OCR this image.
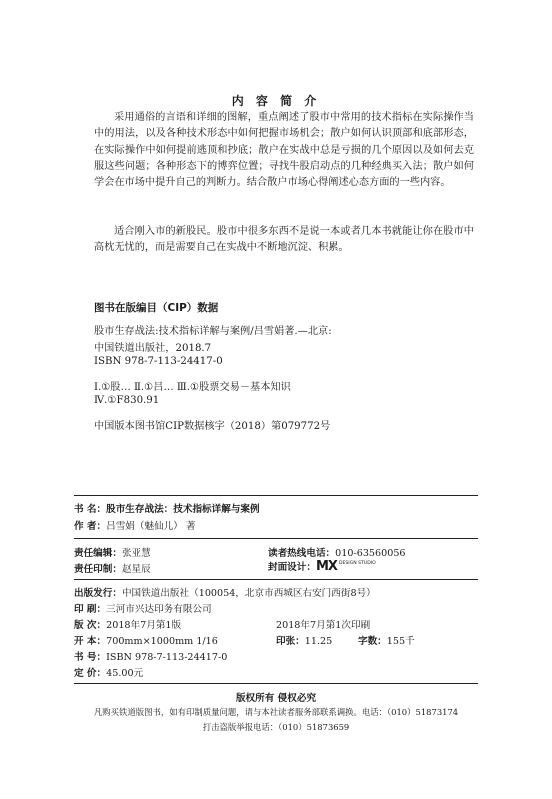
内 容 简 介
采用通俗的言语和详细的图解，重点阐述了股市中常用的技术指标在实际操作当中的用法，以及各种技术形态中如何把握市场机会；散户如何认识顶部和底部形态，在实际操作中如何提前逃顶和抄底；散户在实战中总是亏损的几个原因以及如何去克服这些问题；各种形态下的博弈位置；寻找牛股启动点的几种经典买入法；散户如何学会在市场中提升自己的判断力。结合散户市场心得阐述心态方面的一些内容。
适合刚入市的新股民。股市中很多东西不是说一本或者几本书就能让你在股市中高枕无忧的，而是需要自己在实战中不断地沉淀、积累。
图书在版编目（CIP）数据
股市生存战法:技术指标详解与案例/吕雪娟著.—北京:
中国铁道出版社，2018.7
ISBN 978-7-113-24417-0
Ⅰ.①股… Ⅱ.①吕… Ⅲ.①股票交易－基本知识
Ⅳ.①F830.91
中国版本图书馆CIP数据核字（2018）第079772号
书 名：股市生存战法：技术指标详解与案例
作 者：吕雪娟（魅仙儿） 著
责任编辑：张亚慧	读者热线电话：010-63560056
责任印制：赵星辰	封面设计：MX DESIGN STUDIO
出版发行：中国铁道出版社（100054，北京市西城区右安门西街8号）
印 刷：三河市兴达印务有限公司
版 次：2018年7月第1版	2018年7月第1次印刷
开 本：700mm×1000mm 1/16	印张：11.25	字数：155千
书 号：ISBN 978-7-113-24417-0
定 价：45.00元
版权所有 侵权必究
凡购买铁道版图书，如有印制质量问题，请与本社读者服务部联系调换。电话：（010）51873174
打击盗版举报电话：（010）51873659
